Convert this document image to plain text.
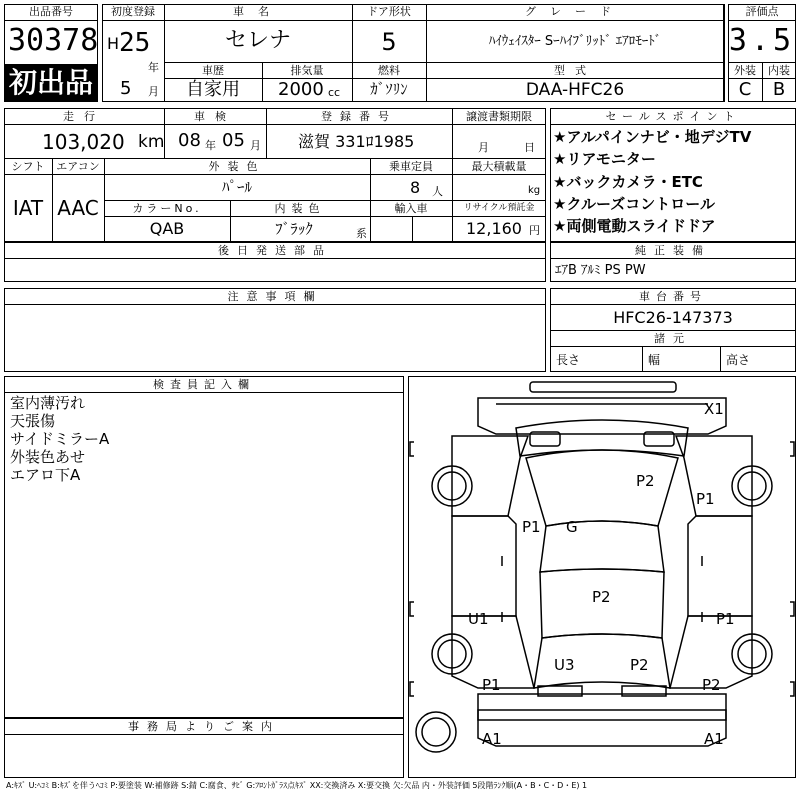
出品番号
30378
初出品
初度登録
H 25
年
5 月
車名
セレナ
ドア形状
5
グレード
ﾊｲｳｪｲｽﾀｰ Sｰﾊｲﾌﾞﾘｯﾄﾞ ｴｱﾛﾓｰﾄﾞ
車歴
自家用
排気量
2000 cc
燃料
ｶﾞｿﾘﾝ
型式
DAA-HFC26
評価点
3.5
外装	内装
C	B
走行
103,020 km
車検
08 年 05 月
登録番号
滋賀 331ﾛ1985
譲渡書類期限
月	日
シフト	エアコン
IAT AAC
外装色
ﾊﾟｰﾙ
乗車定員
8 人
最大積載量
kg
カラーNo.
QAB
内装色
ﾌﾞﾗｯｸ	系
輸入車	リサイクル預託金
12,160 円
後日発送部品
セールスポイント
★アルパインナビ・地デジTV
★リアモニター
★バックカメラ・ETC
★クルーズコントロール
★両側電動スライドドア
純正装備
ｴｱB ｱﾙﾐ PS PW
注意事項欄	車台番号
HFC26-147373
諸元
長さ	幅	高さ
検査員記入欄
室内薄汚れ
天張傷
サイドミラーA
外装色あせ
エアロ下A
事務局よりご案内
X1
P2
P1
P1 G
P2
U1	P1
U3	P2
P1	P2
A1	A1
A:ｷｽﾞ U:ﾍｺﾐ B:ｷｽﾞを伴うﾍｺﾐ P:要塗装 W:補修跡 S:錆 C:腐食、ｻﾋﾞ G:ﾌﾛﾝﾄｶﾞﾗｽ点ｷｽﾞ XX:交換済み X:要交換 欠:欠品 内・外装評価 5段階ﾗﾝｸ順(A・B・C・D・E) 1
